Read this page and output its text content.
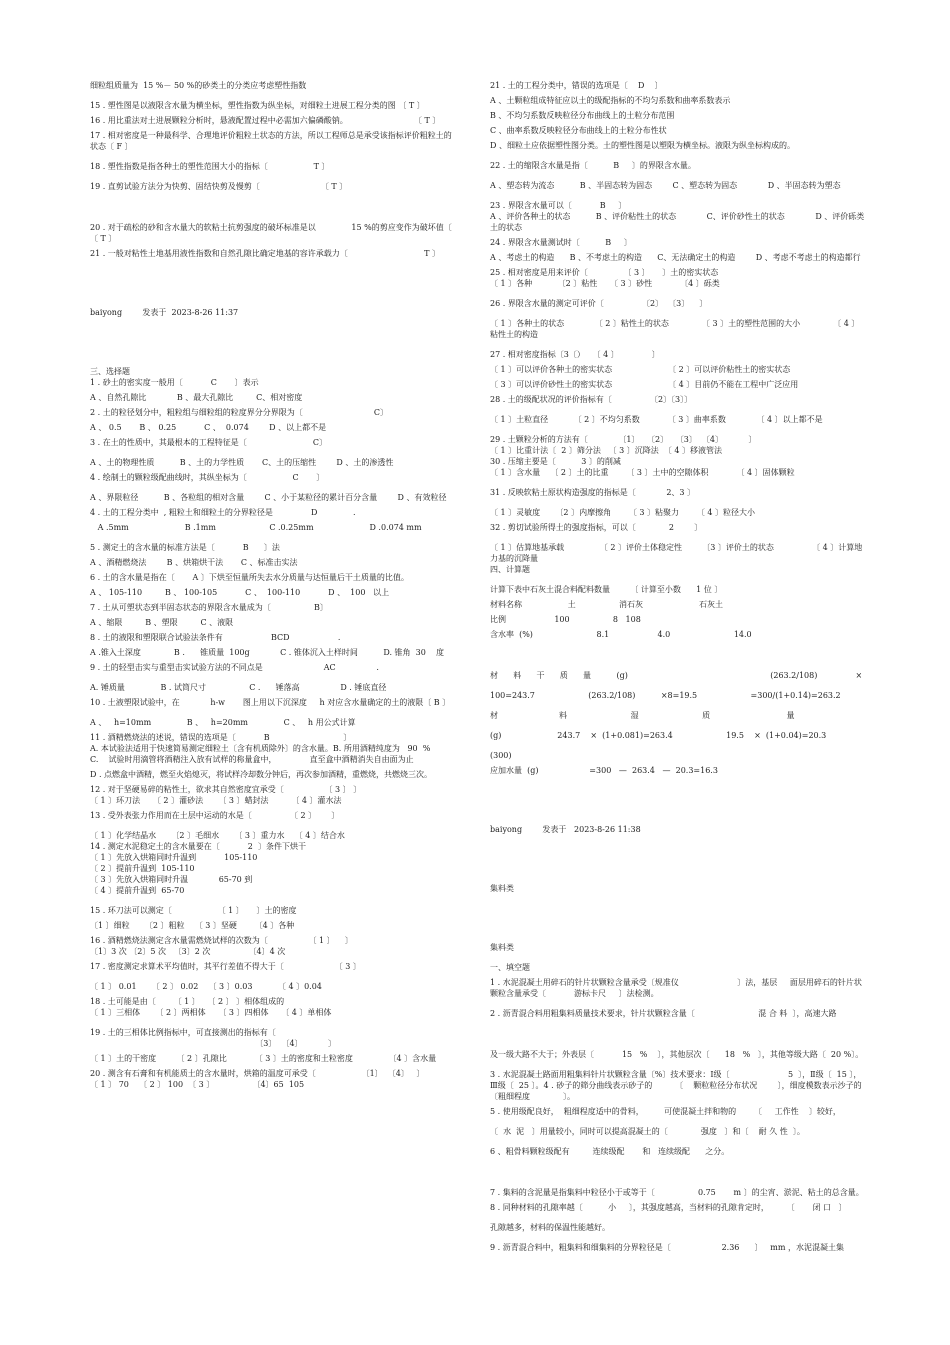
细粒组质量为  15 %－ 50 %的砂类土的分类应考虑塑性指数
15 . 塑性图是以液限含水量为横坐标，塑性指数为纵坐标，对细粒土进展工程分类的图 〔 T 〕
16 . 用比重法对土进展颗粒分析时，悬液配置过程中必需加六偏磷酸钠。                          〔 T 〕
17 . 相对密度是一种最科学、合理地评价粗粒土状态的方法，所以工程师总是承受该指标评价粗粒土的状态〔 F 〕
18 . 塑性指数是指各种土的塑性范围大小的指标〔                  T 〕
19 . 直剪试验方法分为快剪、固结快剪及慢剪〔                        〔 T 〕
20 . 对于疏松的砂和含水量大的软粘土抗剪强度的破坏标准是以              15 %的剪应变作为破坏值〔      〔 T 〕
21 . 一般对粘性土地基用液性指数和自然孔隙比确定地基的容许承载力〔                              T 〕
baiyong        发表于  2023-8-26 11:37
三、选择题
1 . 砂土的密实度一般用〔           C       〕表示
A 、自然孔隙比            B 、最大孔隙比         C、相对密度
2 . 土的粒径划分中，粗粒组与细粒组的粒度界分分界限为〔                            C〕
A 、 0.5       B 、 0.25           C 、  0.074        D 、以上都不是
3 . 在土的性质中，其最根本的工程特征是〔                          C〕
A 、土的物理性质          B 、土的力学性质       C、土的压缩性        D 、土的渗透性
4 . 绘制土的颗粒级配曲线时，其纵坐标为〔                  C       〕
A 、界限粒径          B 、各粒组的相对含量        C 、小于某粒径的累计百分含量        D 、有效粒径
4 . 土的工程分类中  , 粗粒土和细粒土的分界粒径是               D              .
A .5mm                      B .1mm                     C .0.25mm                      D .0.074 mm
5 . 测定土的含水量的标准方法是〔           B      〕法
A 、酒精燃烧法        B 、烘箱烘干法       C 、标准击实法
6 . 土的含水量是指在〔       A 〕下烘至恒量所失去水分质量与达恒量后干土质量的比值。
A 、 105-110         B 、 100-105           C 、  100-110           D 、  100   以上
7 . 土从可塑状态到半固态状态的界限含水量成为〔                 B〕
A 、缩限         B 、塑限         C 、液限
8 . 土的液限和塑限联合试验法条件有                   BCD                   .
A .锥入土深度             B .      锥质量  100g            C . 锥体沉入土样时间          D. 锥角  30    度
9 . 土的轻型击实与重型击实试验方法的不同点是                        AC                .
A. 锤质量              B . 试筒尺寸                 C .      锤落高                D . 锤底直径
10 . 土液塑限试验中，在            h-w       图上用以下沉深度     h 对应含水量确定的土的液限〔 B 〕
A 、   h=10mm              B 、   h=20mm              C 、   h 用公式计算
11 . 酒精燃烧法的述说，错误的选项是〔           B                             〕
A. 本试验法适用于快速简易测定细粒土〔含有机质除外〕的含水量。B. 所用酒精纯度为   90  %
C.    试验时用滴管将酒精注入放有试样的称量盒中，             直至盒中酒精消失自由面为止
D . 点燃盒中酒精，燃至火焰熄灭，将试样冷却数分钟后，再次参加酒精，重燃烧，共燃烧三次。
12 . 对于坚硬易碎的粘性土，欲求其自然密度宜承受〔                〔 3 〕 〕
〔 1 〕环刀法     〔 2 〕灌砂法      〔 3 〕蜡封法         〔 4 〕灌水法
13 . 受外表张力作用而在土层中运动的水是〔               〔 2 〕      〕
〔 1 〕化学结晶水      〔2 〕毛细水      〔 3 〕重力水    〔 4 〕结合水
14 . 测定水泥稳定土的含水量要在〔           2  〕条件下烘干
〔 1 〕先放入烘箱同时升温到           105-110
〔 2 〕提前升温到  105-110
〔 3 〕先放入烘箱同时升温            65-70 到
〔 4 〕提前升温到  65-70
15 . 环刀法可以测定〔                  〔 1 〕     〕土的密度
〔1 〕细粒      〔2 〕粗粒    〔 3 〕坚硬       〔4 〕各种
16 . 酒精燃烧法测定含水量需燃烧试样的次数为〔                〔 1 〕    〕
〔1〕3 次 〔2〕5 次   〔3〕2 次               〔4〕4 次
17 . 密度测定求算术平均值时，其平行差值不得大于〔                    〔 3 〕
〔 1 〕 0.01      〔 2 〕 0.02    〔 3 〕0.03          〔 4 〕0.04
18 . 土可能是由〔       〔 1 〕   〔 2 〕 〕相体组成的
〔 1 〕三相体      〔 2 〕两相体     〔 3 〕四相体     〔 4 〕单相体
19 . 土的三相体比例指标中，可直接测出的指标有〔
〔3〕  〔4〕          〕
〔 1 〕土的干密度        〔 2 〕孔隙比           〔 3 〕土的密度和土粒密度              〔4 〕含水量
20 . 测含有石膏和有机能质土的含水量时，烘箱的温度可承受〔                  〔1〕  〔4〕   〕
〔 1 〕 70    〔 2 〕 100  〔 3 〕               〔4〕65  105
21 . 土的工程分类中，错误的选项是〔    D    〕
A 、土颗粒组成特征应以土的级配指标的不均匀系数和曲率系数表示
B 、不均匀系数反映粒径分布曲线上的土粒分布范围
C 、曲率系数反映粒径分布曲线上的土粒分布性状
D 、细粒土应依据塑性图分类。土的塑性图是以塑限为横坐标。液限为纵坐标构成的。
22 . 土的缩限含水量是指〔          B     〕的界限含水量。
A 、塑态转为流态          B 、半固态转为固态        C 、塑态转为固态            D 、半固态转为塑态
23 . 界限含水量可以〔           B     〕
A 、评价各种土的状态          B 、评价粘性土的状态            C、评价砂性土的状态            D 、评价砾类土的状态
24 . 界限含水量测试时〔          B     〕
A 、考虑土的构造      B 、不考虑土的构造      C、无法确定土的构造        D 、考虑不考虑土的构造都行
25 . 相对密度是用来评价〔              〔 3 〕     〕土的密实状态
〔 1 〕各种          〔2 〕粘性     〔 3 〕砂性           〔4 〕砾类
26 . 界限含水量的测定可评价〔               〔2〕  〔3〕    〕
〔 1 〕各种土的状态            〔 2 〕粘性土的状态             〔 3 〕土的塑性范围的大小             〔 4 〕粘性土的构造
27 . 相对密度指标〔3〔）   〔 4 〕             〕
〔 1 〕可以评价各种土的密实状态                      〔 2 〕可以评价粘性土的密实状态
〔 3 〕可以评价砂性土的密实状态                      〔 4 〕目前仍不能在工程中广泛应用
28 . 土的级配状况的评价指标有〔               〔2〕〔3〕〕
〔 1 〕土粒直径          〔 2 〕不均匀系数           〔 3 〕曲率系数            〔 4 〕以上都不是
29 . 土颗粒分析的方法有〔            〔1〕   〔2〕   〔3〕  〔4〕          〕
〔 1 〕比重计法〔  2 〕筛分法   〔 3 〕沉降法  〔 4 〕移液管法
30 . 压缩主要是〔          3 〕的削减
〔 1 〕含水量    〔 2 〕土的比重       〔 3 〕土中的空隙体积           〔 4 〕固体颗粒
31 . 反映软粘土原状构造强度的指标是〔            2、3 〕
〔 1 〕灵敏度      〔2 〕内摩擦角       〔 3 〕粘聚力       〔 4 〕粒径大小
32 . 剪切试验所得土的强度指标，可以〔             2        〕
〔 1 〕估算地基承载              〔 2 〕评价土体稳定性        〔3 〕评价土的状态               〔 4 〕计算地力基的沉降量
四、计算题
计算下表中石灰土混合料配料数量        〔 计算至小数      1 位 〕
材料名称                  土                 消石灰                      石灰土
比例                   100                 8   108
含水率  (%)                         8.1                   4.0                         14.0
材      料      干      质      量          (g)                                                        (263.2/108)               ×
100=243.7                     (263.2/108)          ×8=19.5                     =300/(1+0.14)=263.2
材                        料                         湿                         质                              量
(g)                      243.7    ×  (1+0.081)=263.4                     19.5    ×  (1+0.04)=20.3
(300)
应加水量  (g)                    =300   —  263.4   —  20.3=16.3
baiyong        发表于   2023-8-26 11:38
集料类
集料类
一、填空题
1 . 水泥混凝土用碎石的针片状颗粒含量承受〔规准仪                       〕法，基层     面层用碎石的针片状     颗粒含量承受〔           游标卡尺     〕法检测。
2 . 沥青混合料用粗集料质量技术要求，针片状颗粒含量〔                         混 合 料  〕，高速大路
及一级大路不大于；外表层〔           15   %    〕，其他层次〔      18   %   〕，其他等级大路〔  20 %〕。
3 . 水泥混凝土路面用粗集料针片状颗粒含量〔%〕技术要求：Ⅰ级〔                       5  〕，Ⅱ级〔  15 〕，Ⅲ级〔  25 〕。4 . 砂子的筛分曲线表示砂子的         〔    颗粒粒径分布状况        〕，细度模数表示沙子的〔粗细程度             〕。
5 . 使用级配良好，  粗细程度适中的骨料，        可使混凝土拌和物的       〔     工作性    〕较好，
〔  水  泥   〕用量较小，同时可以提高混凝土的〔             强度   〕和〔    耐 久 性  〕。
6 、粗骨料颗粒级配有         连续级配       和   连续级配      之分。
7 . 集料的含泥量是指集料中粒径小于或等于〔                 0.75       m 〕的尘宵、淤泥、粘土的总含量。
8 . 同种材料的孔隙率越〔          小     〕，其强度越高，当材料的孔隙肯定时，       〔       闭 口   〕
孔隙越多，材料的保温性能越好。
9 . 沥青混合料中，粗集料和细集料的分界粒径是〔                    2.36      〕   mm ，水泥混凝土集
